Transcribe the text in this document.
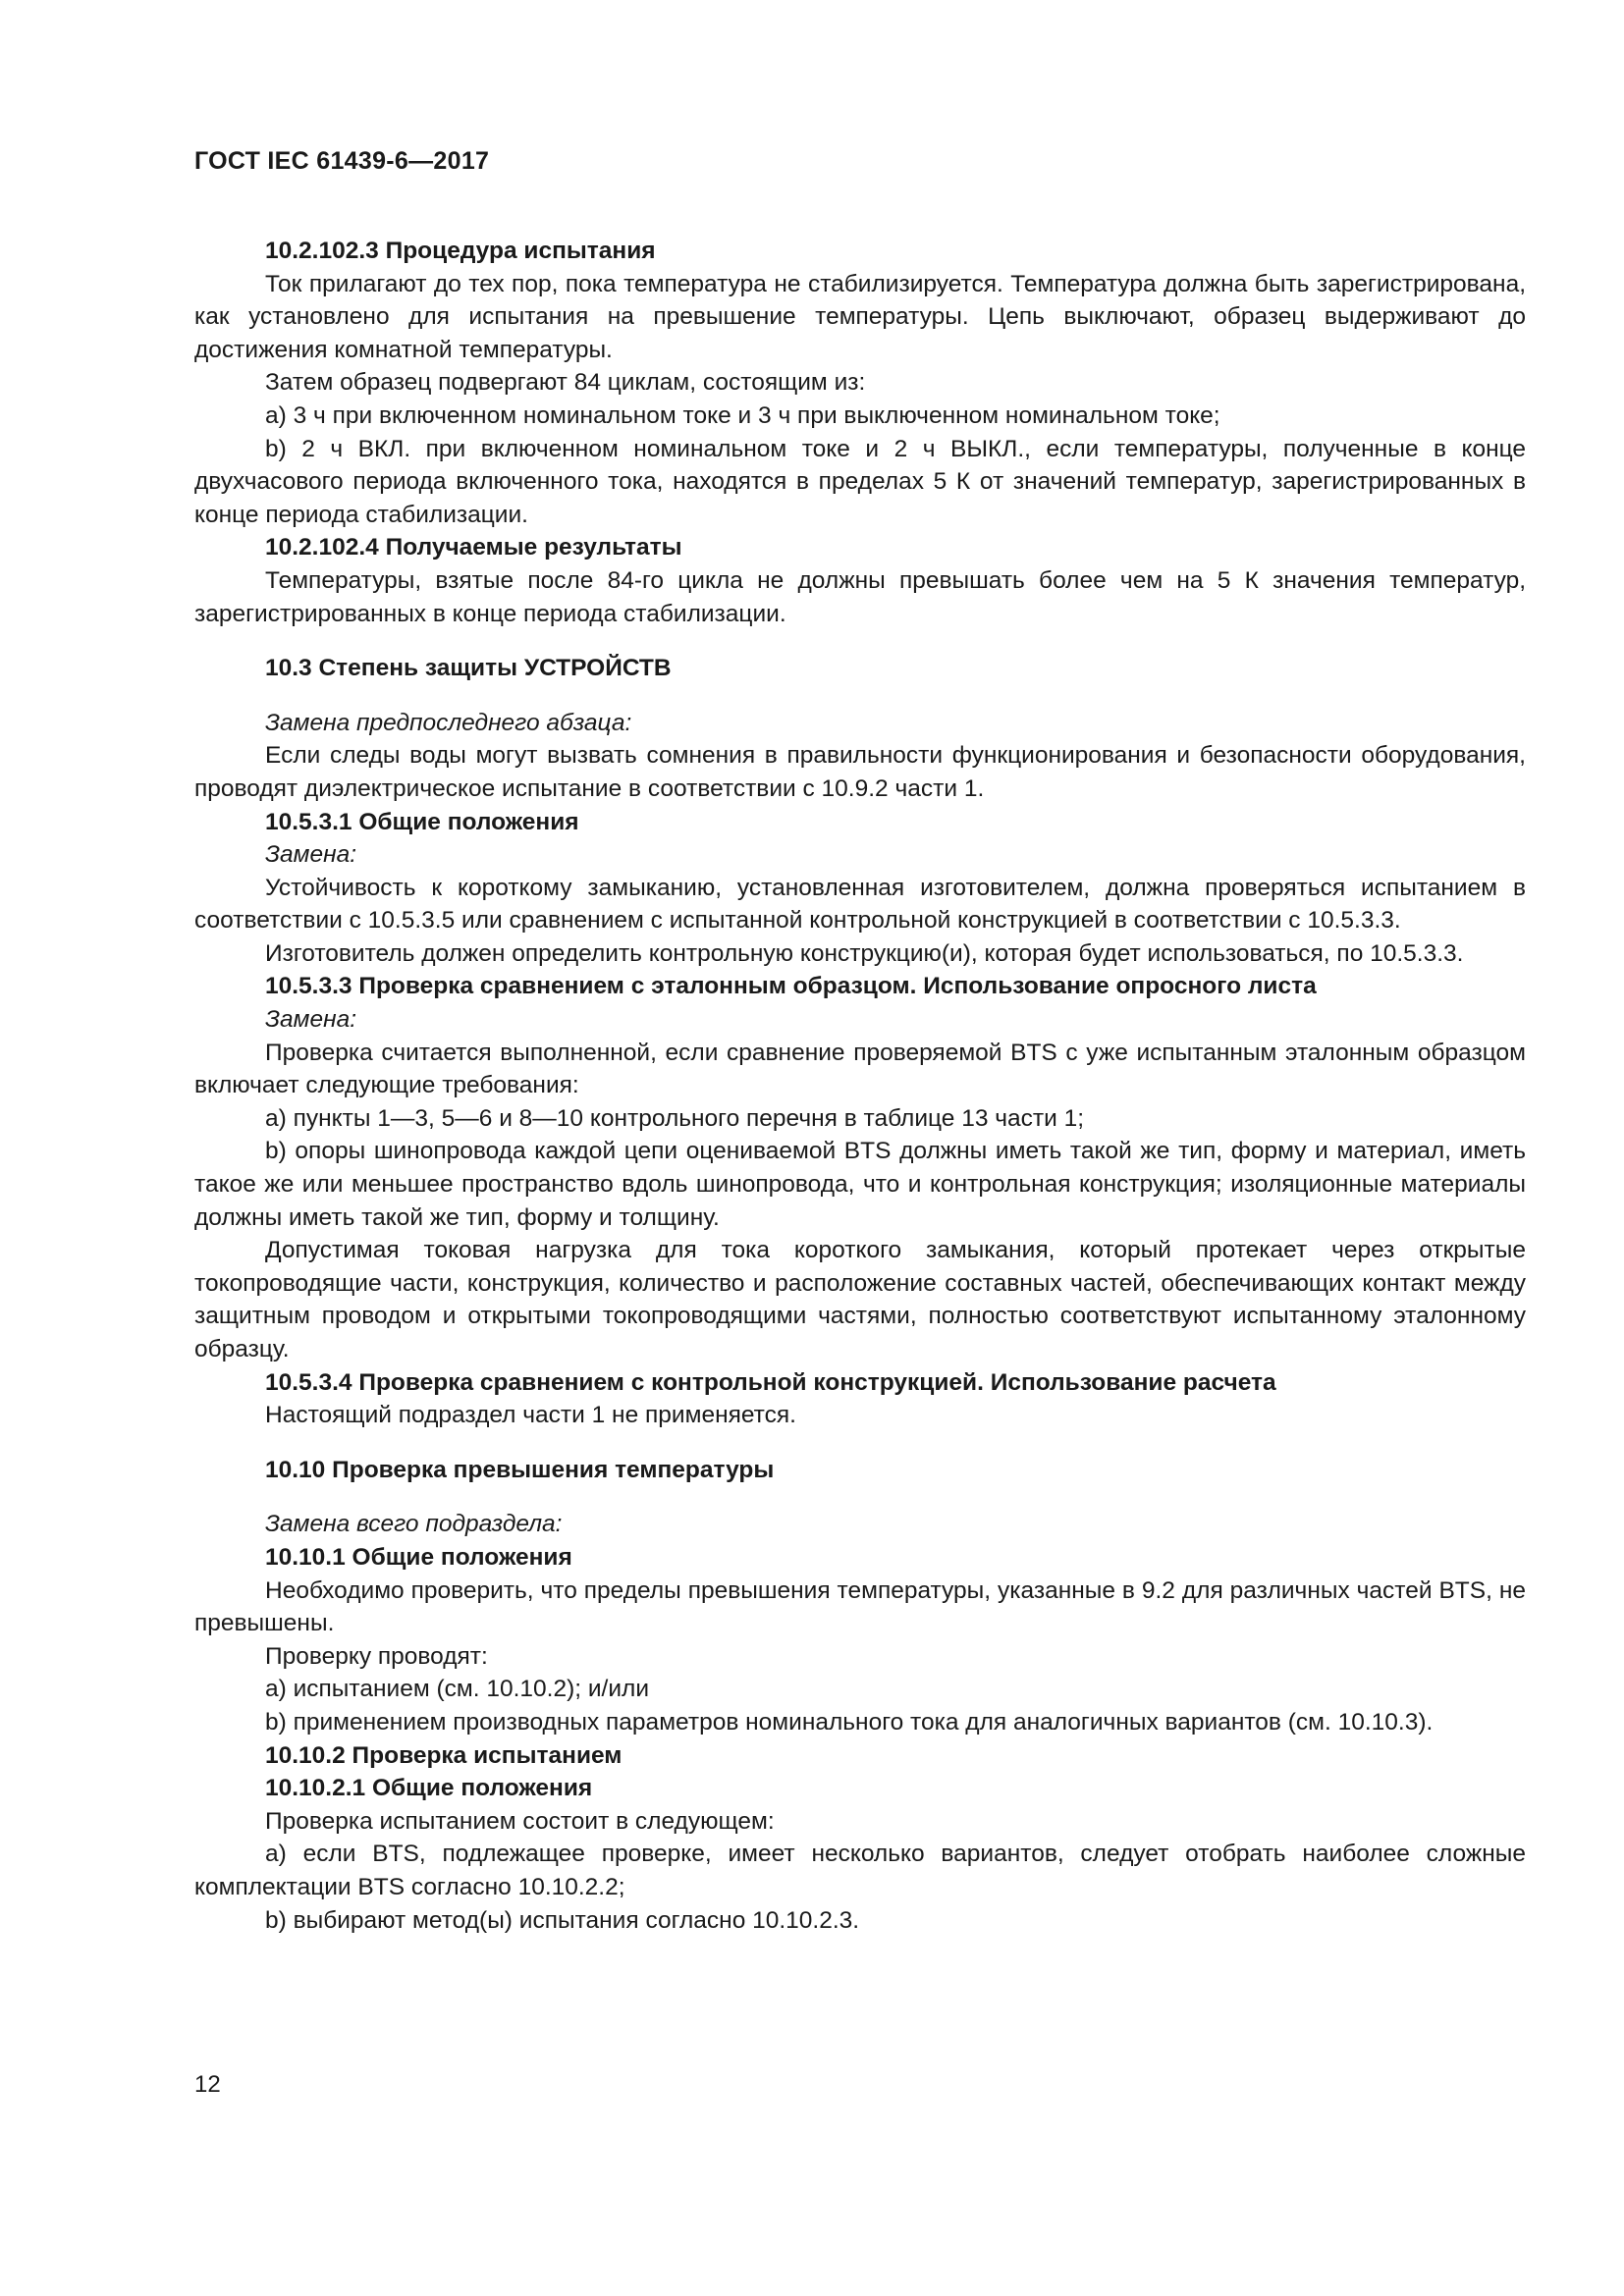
ГОСТ IEC 61439-6—2017
10.2.102.3 Процедура испытания
Ток прилагают до тех пор, пока температура не стабилизируется. Температура должна быть зарегистрирована, как установлено для испытания на превышение температуры. Цепь выключают, образец выдерживают до достижения комнатной температуры.
Затем образец подвергают 84 циклам, состоящим из:
a) 3 ч при включенном номинальном токе и 3 ч при выключенном номинальном токе;
b) 2 ч ВКЛ. при включенном номинальном токе и 2 ч ВЫКЛ., если температуры, полученные в конце двухчасового периода включенного тока, находятся в пределах 5 К от значений температур, зарегистрированных в конце периода стабилизации.
10.2.102.4 Получаемые результаты
Температуры, взятые после 84-го цикла не должны превышать более чем на 5 К значения температур, зарегистрированных в конце периода стабилизации.
10.3 Степень защиты УСТРОЙСТВ
Замена предпоследнего абзаца:
Если следы воды могут вызвать сомнения в правильности функционирования и безопасности оборудования, проводят диэлектрическое испытание в соответствии с 10.9.2 части 1.
10.5.3.1 Общие положения
Замена:
Устойчивость к короткому замыканию, установленная изготовителем, должна проверяться испытанием в соответствии с 10.5.3.5 или сравнением с испытанной контрольной конструкцией в соответствии с 10.5.3.3.
Изготовитель должен определить контрольную конструкцию(и), которая будет использоваться, по 10.5.3.3.
10.5.3.3 Проверка сравнением с эталонным образцом. Использование опросного листа
Замена:
Проверка считается выполненной, если сравнение проверяемой BTS с уже испытанным эталонным образцом включает следующие требования:
a) пункты 1—3, 5—6 и 8—10 контрольного перечня в таблице 13 части 1;
b) опоры шинопровода каждой цепи оцениваемой BTS должны иметь такой же тип, форму и материал, иметь такое же или меньшее пространство вдоль шинопровода, что и контрольная конструкция; изоляционные материалы должны иметь такой же тип, форму и толщину.
Допустимая токовая нагрузка для тока короткого замыкания, который протекает через открытые токопроводящие части, конструкция, количество и расположение составных частей, обеспечивающих контакт между защитным проводом и открытыми токопроводящими частями, полностью соответствуют испытанному эталонному образцу.
10.5.3.4 Проверка сравнением с контрольной конструкцией. Использование расчета
Настоящий подраздел части 1 не применяется.
10.10 Проверка превышения температуры
Замена всего подраздела:
10.10.1 Общие положения
Необходимо проверить, что пределы превышения температуры, указанные в 9.2 для различных частей BTS, не превышены.
Проверку проводят:
a) испытанием (см. 10.10.2); и/или
b) применением производных параметров номинального тока для аналогичных вариантов (см. 10.10.3).
10.10.2 Проверка испытанием
10.10.2.1 Общие положения
Проверка испытанием состоит в следующем:
a) если BTS, подлежащее проверке, имеет несколько вариантов, следует отобрать наиболее сложные комплектации BTS согласно 10.10.2.2;
b) выбирают метод(ы) испытания согласно 10.10.2.3.
12
